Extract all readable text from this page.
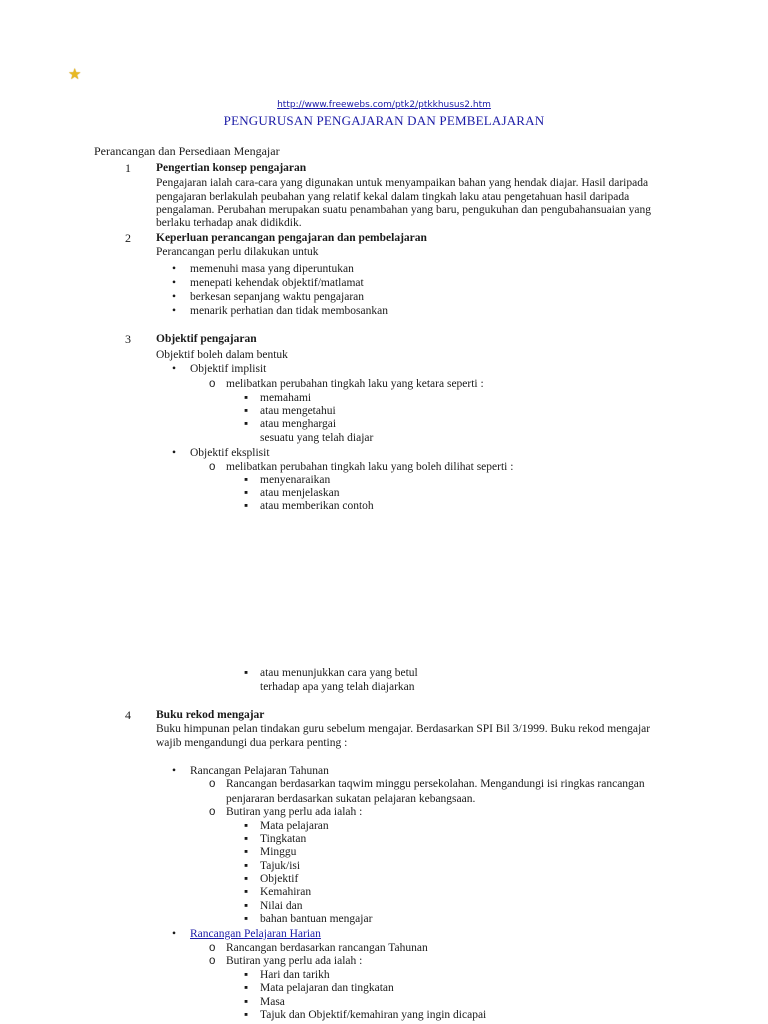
★
http://www.freewebs.com/ptk2/ptkkhusus2.htm
PENGURUSAN PENGAJARAN DAN PEMBELAJARAN
Perancangan dan Persediaan Mengajar
1 Pengertian konsep pengajaran
Pengajaran ialah cara-cara yang digunakan untuk menyampaikan bahan yang hendak diajar. Hasil daripada
pengajaran berlakulah peubahan yang relatif kekal dalam tingkah laku atau pengetahuan hasil daripada
pengalaman. Perubahan merupakan suatu penambahan yang baru, pengukuhan dan pengubahansuaian yang
berlaku terhadap anak didikdik.
2 Keperluan perancangan pengajaran dan pembelajaran
Perancangan perlu dilakukan untuk
• memenuhi masa yang diperuntukan
• menepati kehendak objektif/matlamat
• berkesan sepanjang waktu pengajaran
• menarik perhatian dan tidak membosankan
3 Objektif pengajaran
Objektif boleh dalam bentuk
• Objektif implisit
o melibatkan perubahan tingkah laku yang ketara seperti :
▪ memahami
▪ atau mengetahui
▪ atau menghargai
sesuatu yang telah diajar
• Objektif eksplisit
o melibatkan perubahan tingkah laku yang boleh dilihat seperti :
▪ menyenaraikan
▪ atau menjelaskan
▪ atau memberikan contoh
▪ atau menunjukkan cara yang betul
terhadap apa yang telah diajarkan
4 Buku rekod mengajar
Buku himpunan pelan tindakan guru sebelum mengajar. Berdasarkan SPI Bil 3/1999. Buku rekod mengajar
wajib mengandungi dua perkara penting :
• Rancangan Pelajaran Tahunan
o Rancangan berdasarkan taqwim minggu persekolahan. Mengandungi isi ringkas rancangan
penjararan berdasarkan sukatan pelajaran kebangsaan.
o Butiran yang perlu ada ialah :
▪ Mata pelajaran
▪ Tingkatan
▪ Minggu
▪ Tajuk/isi
▪ Objektif
▪ Kemahiran
▪ Nilai dan
▪ bahan bantuan mengajar
• Rancangan Pelajaran Harian
o Rancangan berdasarkan rancangan Tahunan
o Butiran yang perlu ada ialah :
▪ Hari dan tarikh
▪ Mata pelajaran dan tingkatan
▪ Masa
▪ Tajuk dan Objektif/kemahiran yang ingin dicapai
